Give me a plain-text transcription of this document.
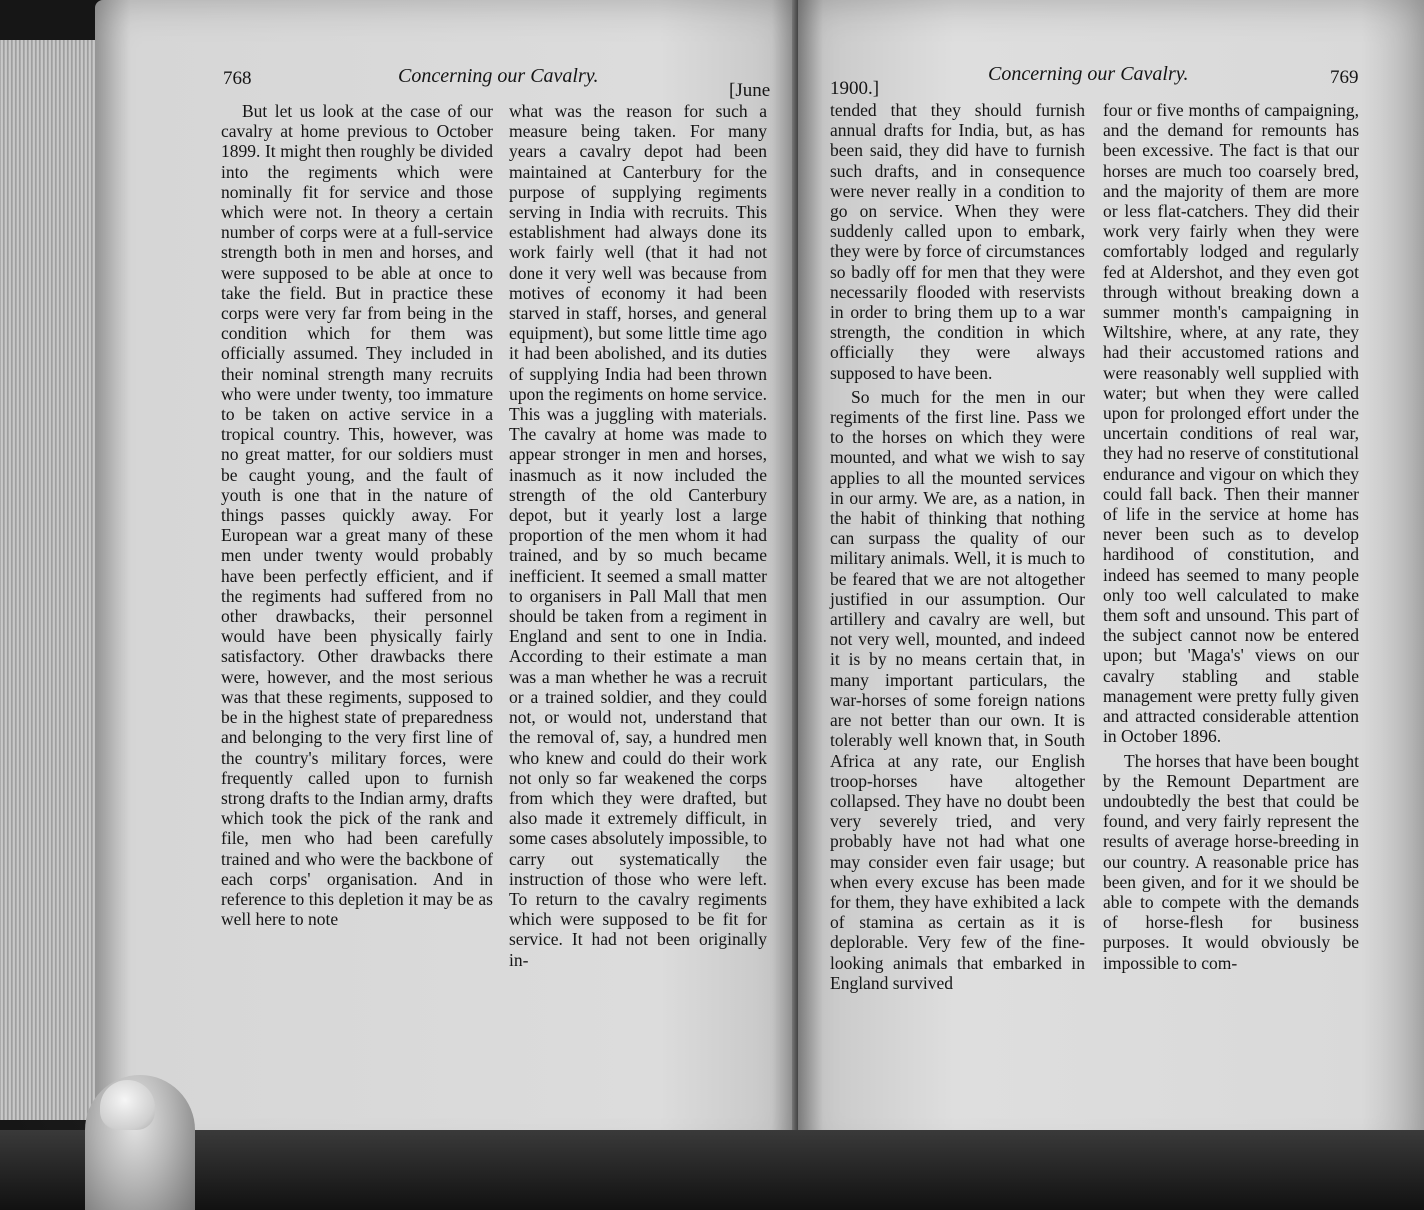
768	Concerning our Cavalry.
[June

But let us look at the case of our cavalry at home previous to October 1899. It might then roughly be divided into the regiments which were nominally fit for service and those which were not. In theory a certain number of corps were at a full-service strength both in men and horses, and were supposed to be able at once to take the field. But in practice these corps were very far from being in the condition which for them was officially assumed. They included in their nominal strength many recruits who were under twenty, too immature to be taken on active service in a tropical country. This, however, was no great matter, for our soldiers must be caught young, and the fault of youth is one that in the nature of things passes quickly away. For European war a great many of these men under twenty would probably have been perfectly efficient, and if the regiments had suffered from no other drawbacks, their personnel would have been physically fairly satisfactory. Other drawbacks there were, however, and the most serious was that these regiments, supposed to be in the highest state of preparedness and belonging to the very first line of the country's military forces, were frequently called upon to furnish strong drafts to the Indian army, drafts which took the pick of the rank and file, men who had been carefully trained and who were the backbone of each corps' organisation. And in reference to this depletion it may be as well here to note

what was the reason for such a measure being taken. For many years a cavalry depot had been maintained at Canterbury for the purpose of supplying regiments serving in India with recruits. This establishment had always done its work fairly well (that it had not done it very well was because from motives of economy it had been starved in staff, horses, and general equipment), but some little time ago it had been abolished, and its duties of supplying India had been thrown upon the regiments on home service. This was a juggling with materials. The cavalry at home was made to appear stronger in men and horses, inasmuch as it now included the strength of the old Canterbury depot, but it yearly lost a large proportion of the men whom it had trained, and by so much became inefficient. It seemed a small matter to organisers in Pall Mall that men should be taken from a regiment in England and sent to one in India. According to their estimate a man was a man whether he was a recruit or a trained soldier, and they could not, or would not, understand that the removal of, say, a hundred men who knew and could do their work not only so far weakened the corps from which they were drafted, but also made it extremely difficult, in some cases absolutely impossible, to carry out systematically the instruction of those who were left. To return to the cavalry regiments which were supposed to be fit for service. It had not been originally in-

1900.]
Concerning our Cavalry.	769

tended that they should furnish annual drafts for India, but, as has been said, they did have to furnish such drafts, and in consequence were never really in a condition to go on service. When they were suddenly called upon to embark, they were by force of circumstances so badly off for men that they were necessarily flooded with reservists in order to bring them up to a war strength, the condition in which officially they were always supposed to have been.

So much for the men in our regiments of the first line. Pass we to the horses on which they were mounted, and what we wish to say applies to all the mounted services in our army. We are, as a nation, in the habit of thinking that nothing can surpass the quality of our military animals. Well, it is much to be feared that we are not altogether justified in our assumption. Our artillery and cavalry are well, but not very well, mounted, and indeed it is by no means certain that, in many important particulars, the war-horses of some foreign nations are not better than our own. It is tolerably well known that, in South Africa at any rate, our English troop-horses have altogether collapsed. They have no doubt been very severely tried, and very probably have not had what one may consider even fair usage; but when every excuse has been made for them, they have exhibited a lack of stamina as certain as it is deplorable. Very few of the fine-looking animals that embarked in England survived

four or five months of campaigning, and the demand for remounts has been excessive. The fact is that our horses are much too coarsely bred, and the majority of them are more or less flat-catchers. They did their work very fairly when they were comfortably lodged and regularly fed at Aldershot, and they even got through without breaking down a summer month's campaigning in Wiltshire, where, at any rate, they had their accustomed rations and were reasonably well supplied with water; but when they were called upon for prolonged effort under the uncertain conditions of real war, they had no reserve of constitutional endurance and vigour on which they could fall back. Then their manner of life in the service at home has never been such as to develop hardihood of constitution, and indeed has seemed to many people only too well calculated to make them soft and unsound. This part of the subject cannot now be entered upon; but 'Maga's' views on our cavalry stabling and stable management were pretty fully given and attracted considerable attention in October 1896.

The horses that have been bought by the Remount Department are undoubtedly the best that could be found, and very fairly represent the results of average horse-breeding in our country. A reasonable price has been given, and for it we should be able to compete with the demands of horse-flesh for business purposes. It would obviously be impossible to com-
